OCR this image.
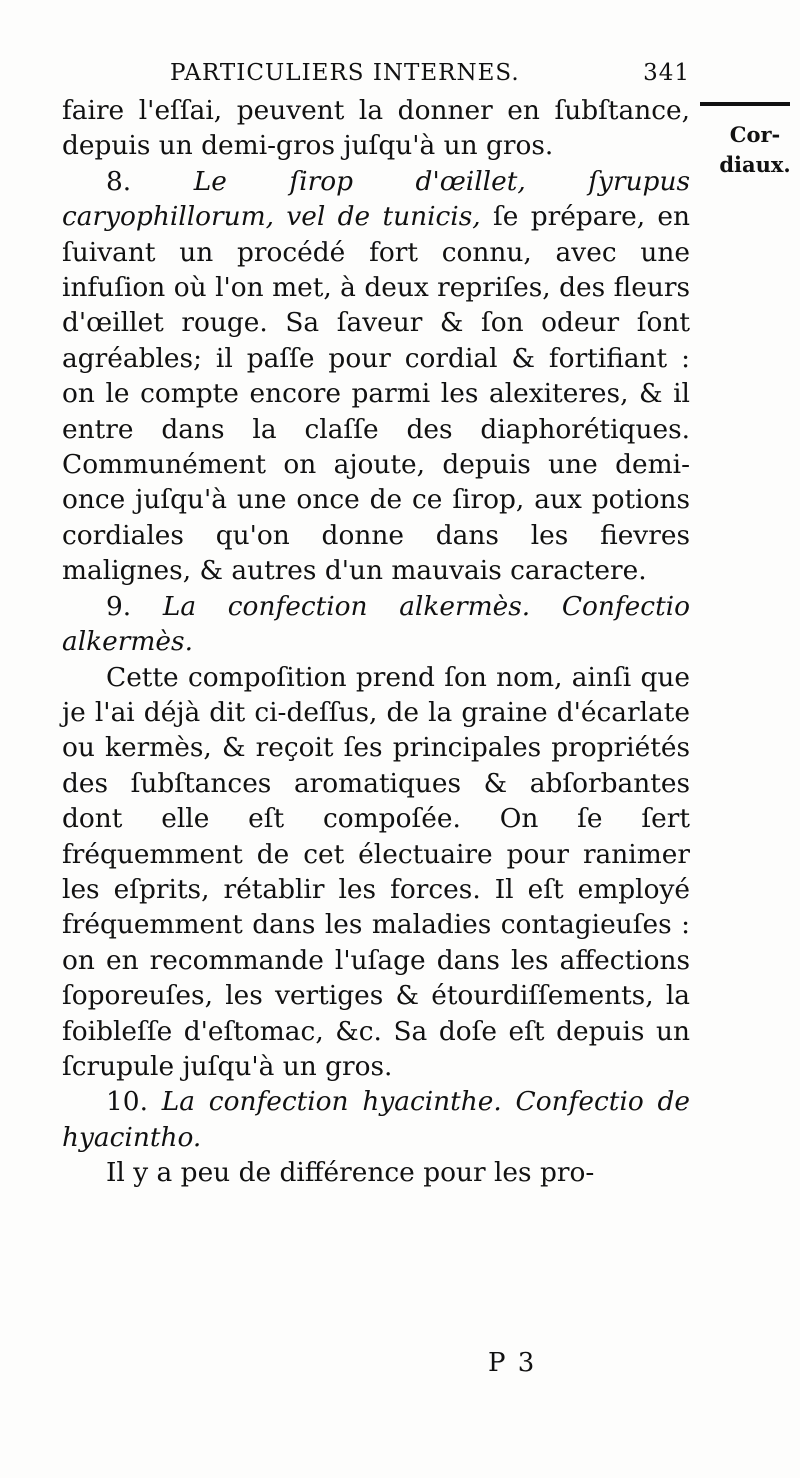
PARTICULIERS INTERNES.	341
Cor-
diaux.

faire l'eſſai, peuvent la donner en ſubſtance, depuis un demi-gros juſqu'à un gros.

8. Le ſirop d'œillet, ſyrupus caryophillorum, vel de tunicis, ſe prépare, en ſuivant un procédé fort connu, avec une infuſion où l'on met, à deux repriſes, des fleurs d'œillet rouge. Sa ſaveur & ſon odeur ſont agréables; il paſſe pour cordial & fortifiant : on le compte encore parmi les alexiteres, & il entre dans la claſſe des diaphorétiques. Communément on ajoute, depuis une demi-once juſqu'à une once de ce ſirop, aux potions cordiales qu'on donne dans les fievres malignes, & autres d'un mauvais caractere.

9. La confection alkermès. Confectio alkermès.

Cette compoſition prend ſon nom, ainſi que je l'ai déjà dit ci-deſſus, de la graine d'écarlate ou kermès, & reçoit ſes principales propriétés des ſubſtances aromatiques & abſorbantes dont elle eſt compoſée. On ſe ſert fréquemment de cet électuaire pour ranimer les eſprits, rétablir les forces. Il eſt employé fréquemment dans les maladies contagieuſes : on en recommande l'uſage dans les affections ſoporeuſes, les vertiges & étourdiſſements, la foibleſſe d'eſtomac, &c. Sa doſe eſt depuis un ſcrupule juſqu'à un gros.

10. La confection hyacinthe. Confectio de hyacintho.

Il y a peu de différence pour les pro-

P 3
